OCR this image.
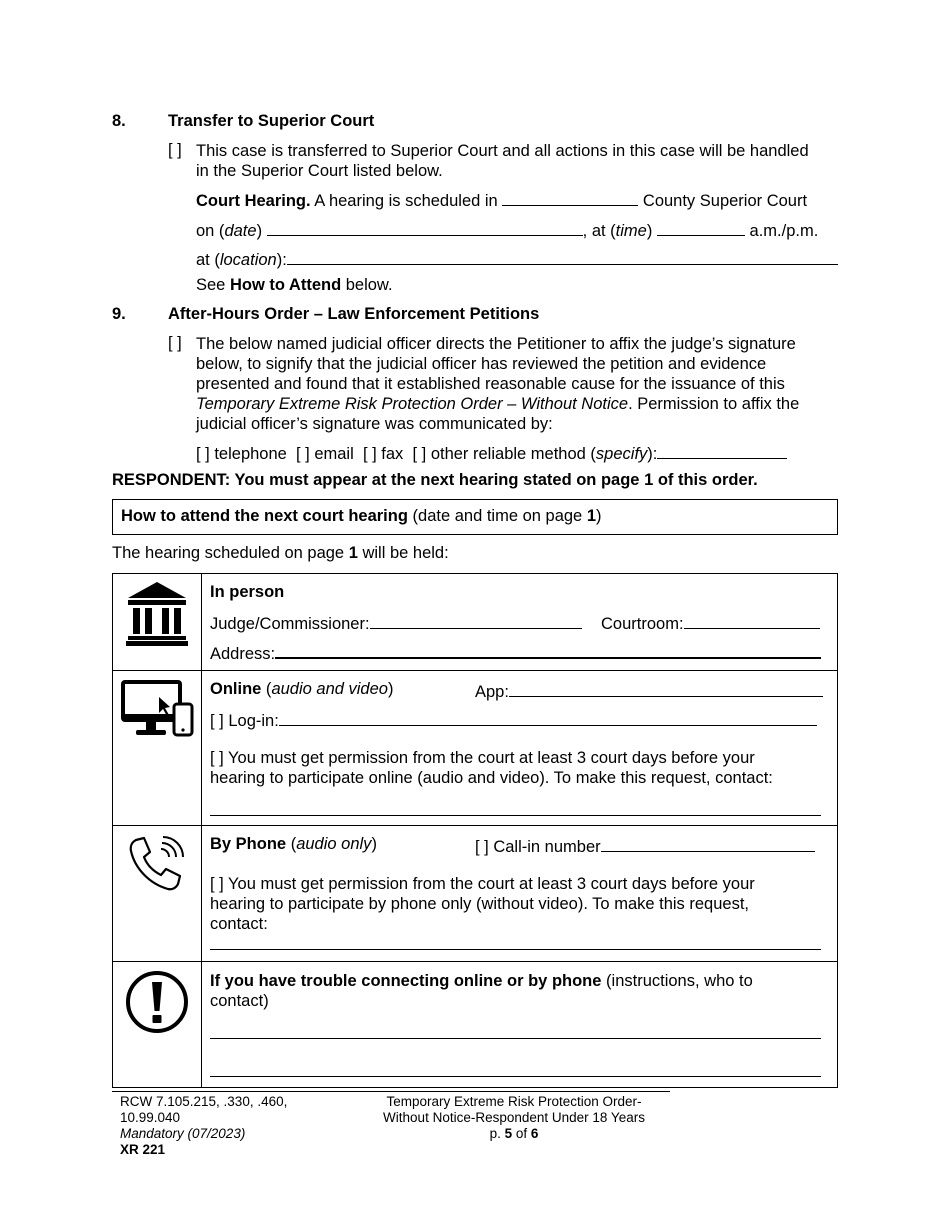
8.	Transfer to Superior Court
[ ] This case is transferred to Superior Court and all actions in this case will be handled
in the Superior Court listed below.
Court Hearing. A hearing is scheduled in	County Superior Court
on (date)	, at (time)	a.m./p.m.
at (location):
See How to Attend below.
9.	After-Hours Order – Law Enforcement Petitions
[ ] The below named judicial officer directs the Petitioner to affix the judge’s signature
below, to signify that the judicial officer has reviewed the petition and evidence
presented and found that it established reasonable cause for the issuance of this
Temporary Extreme Risk Protection Order – Without Notice. Permission to affix the
judicial officer’s signature was communicated by:
[ ] telephone [ ] email [ ] fax [ ] other reliable method (specify):
RESPONDENT: You must appear at the next hearing stated on page 1 of this order.
How to attend the next court hearing (date and time on page 1)
The hearing scheduled on page 1 will be held:
In person
Judge/Commissioner:	Courtroom:
Address:
Online (audio and video)	App:
[ ] Log-in:
[ ] You must get permission from the court at least 3 court days before your
hearing to participate online (audio and video). To make this request, contact:
By Phone (audio only)	[ ] Call-in number
[ ] You must get permission from the court at least 3 court days before your
hearing to participate by phone only (without video). To make this request,
contact:
If you have trouble connecting online or by phone (instructions, who to
contact)
RCW 7.105.215, .330, .460,
10.99.040
Mandatory (07/2023)
XR 221
Temporary Extreme Risk Protection Order-
Without Notice-Respondent Under 18 Years
p. 5 of 6
